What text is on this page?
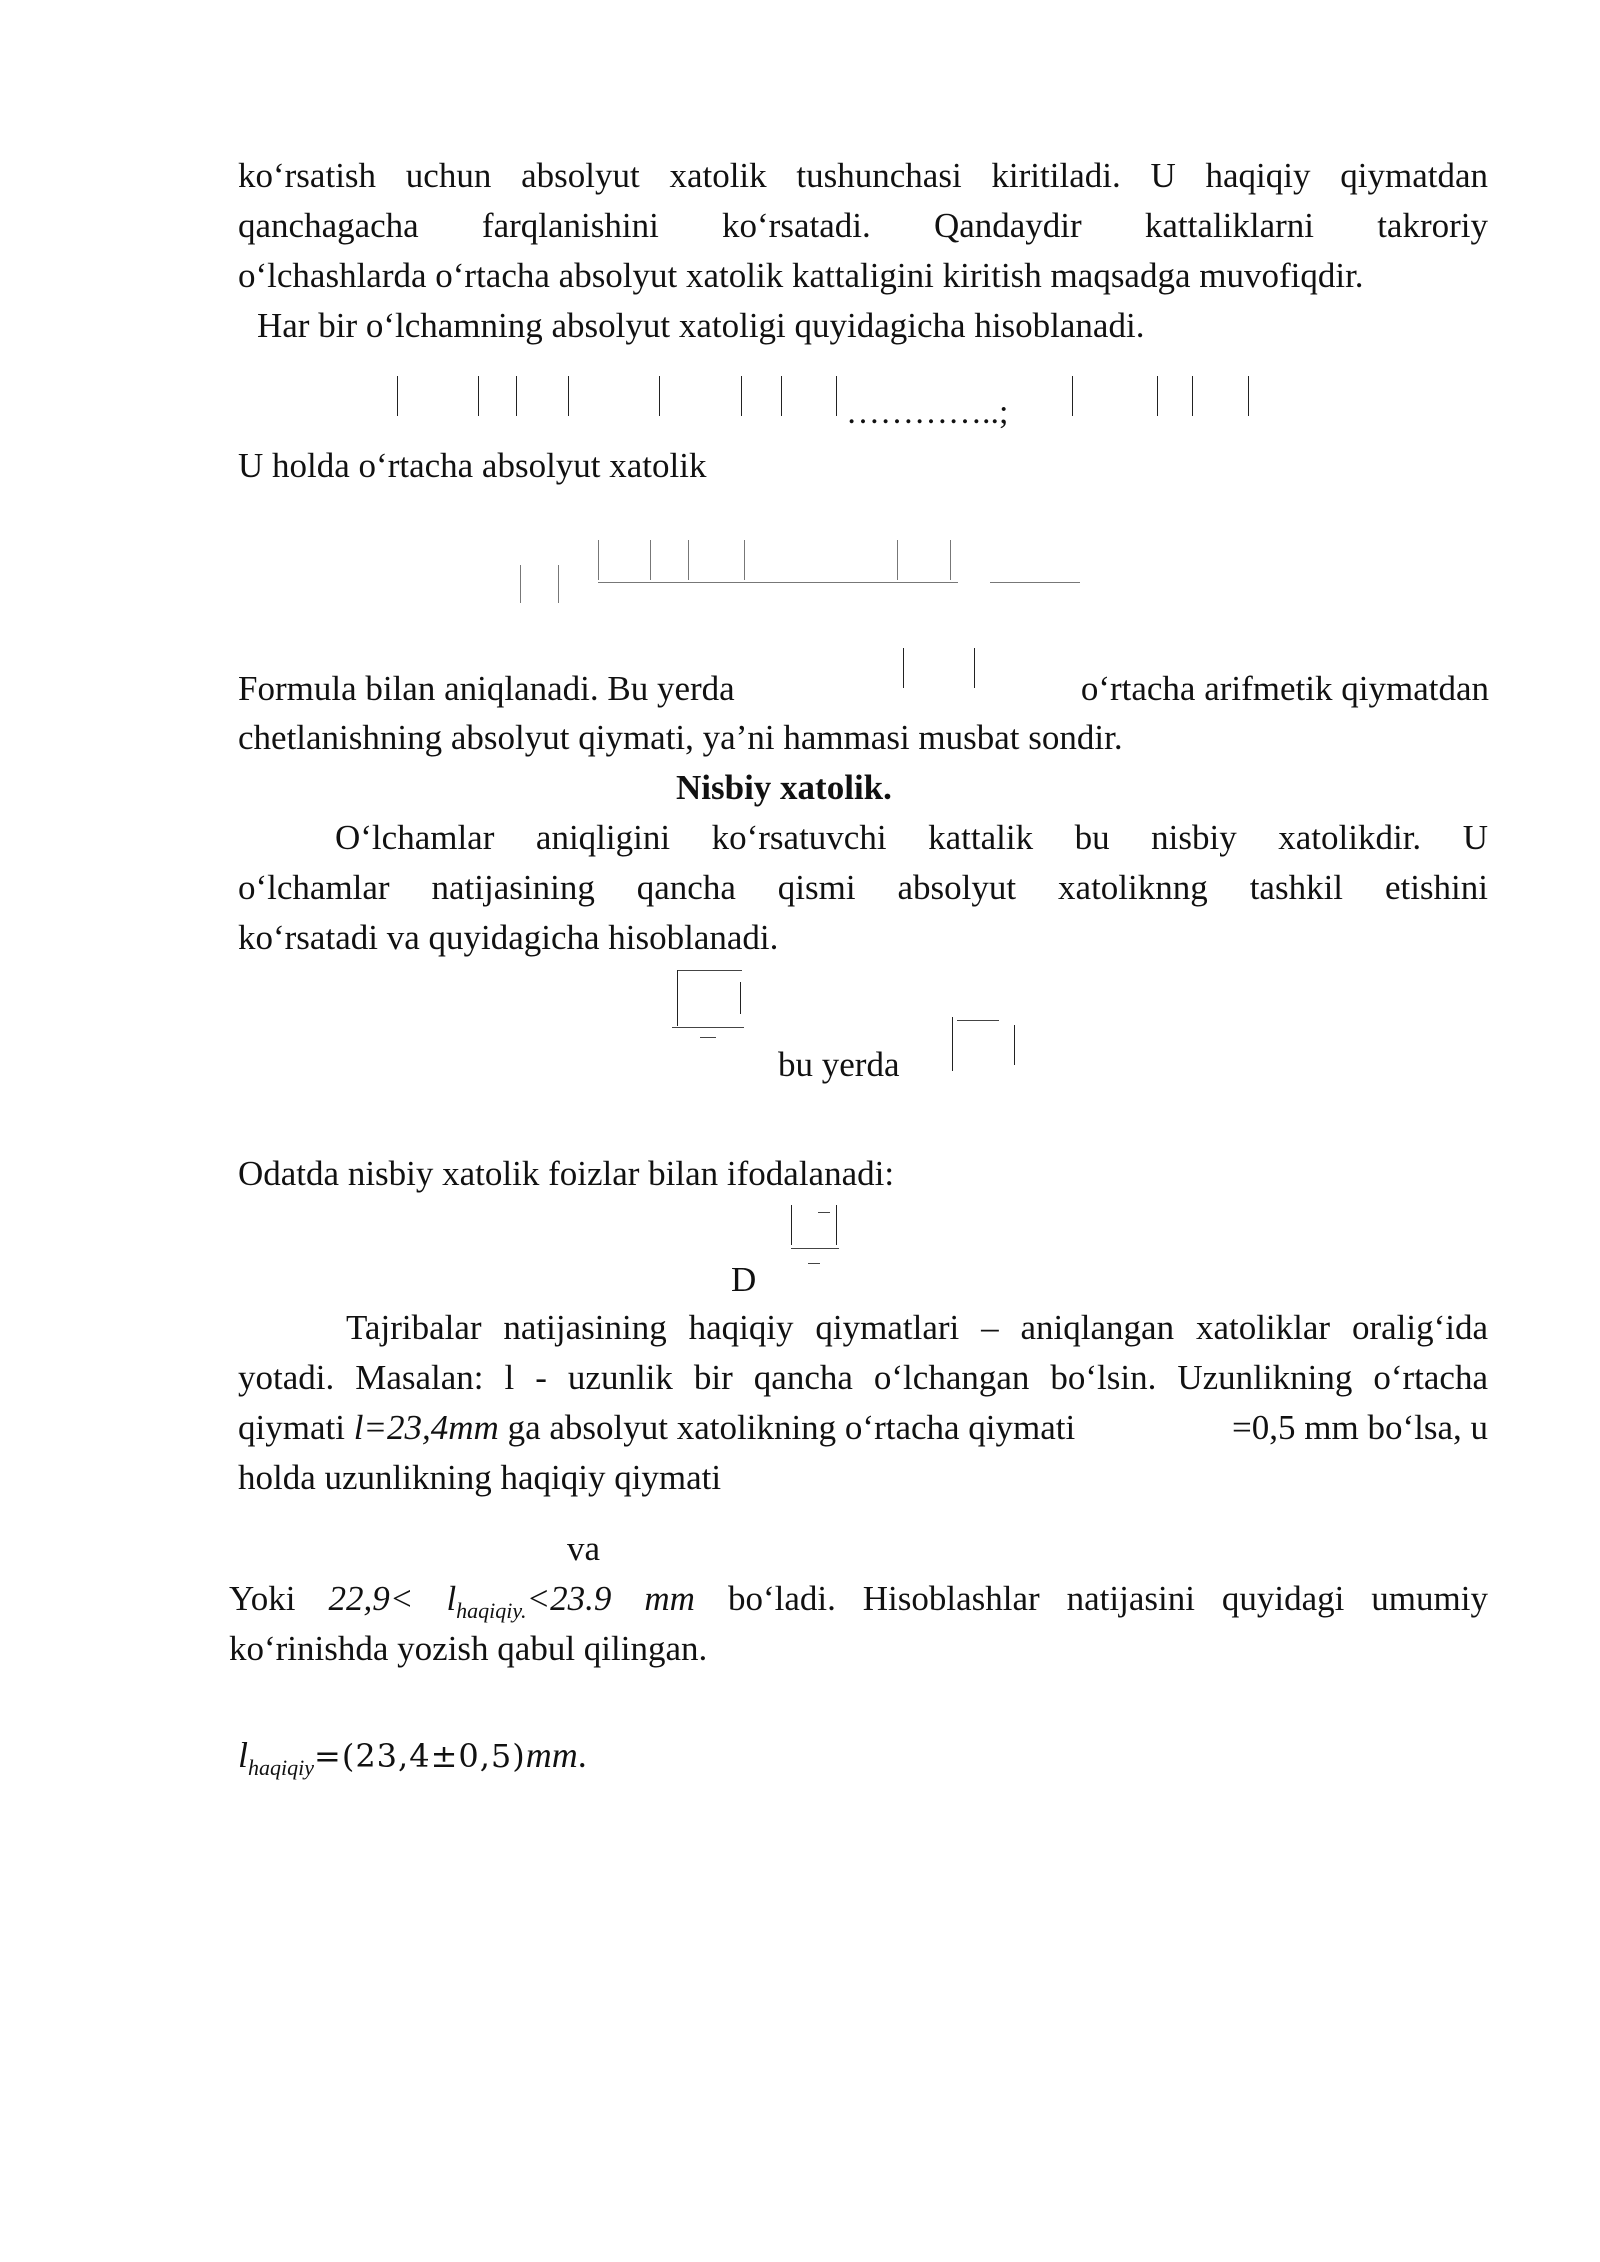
ko‘rsatish uchun absolyut xatolik tushunchasi kiritiladi. U haqiqiy qiymatdan
qanchagacha farqlanishini ko‘rsatadi. Qandaydir kattaliklarni takroriy
o‘lchashlarda o‘rtacha absolyut xatolik kattaligini kiritish maqsadga muvofiqdir.
Har bir o‘lchamning absolyut xatoligi quyidagicha hisoblanadi.
…………..;
U holda o‘rtacha absolyut xatolik
Formula bilan aniqlanadi. Bu yerda	o‘rtacha arifmetik qiymatdan
chetlanishning absolyut qiymati, ya’ni hammasi musbat sondir.
Nisbiy xatolik.
O‘lchamlar aniqligini ko‘rsatuvchi kattalik bu nisbiy xatolikdir. U
o‘lchamlar natijasining qancha qismi absolyut xatoliknng tashkil etishini
ko‘rsatadi va quyidagicha hisoblanadi.
bu yerda
Odatda nisbiy xatolik foizlar bilan ifodalanadi:
D
Tajribalar natijasining haqiqiy qiymatlari – aniqlangan xatoliklar oralig‘ida
yotadi. Masalan: l - uzunlik bir qancha o‘lchangan bo‘lsin. Uzunlikning o‘rtacha
qiymati l=23,4mm ga absolyut xatolikning o‘rtacha qiymati	=0,5 mm bo‘lsa, u
holda uzunlikning haqiqiy qiymati
va
Yoki $22,9< l_{haqiqiy.}<23.9$ mm bo‘ladi. Hisoblashlar natijasini quyidagi umumiy
ko‘rinishda yozish qabul qilingan.
$l_{haqiqiy}=(23,4\pm 0,5)mm$.
